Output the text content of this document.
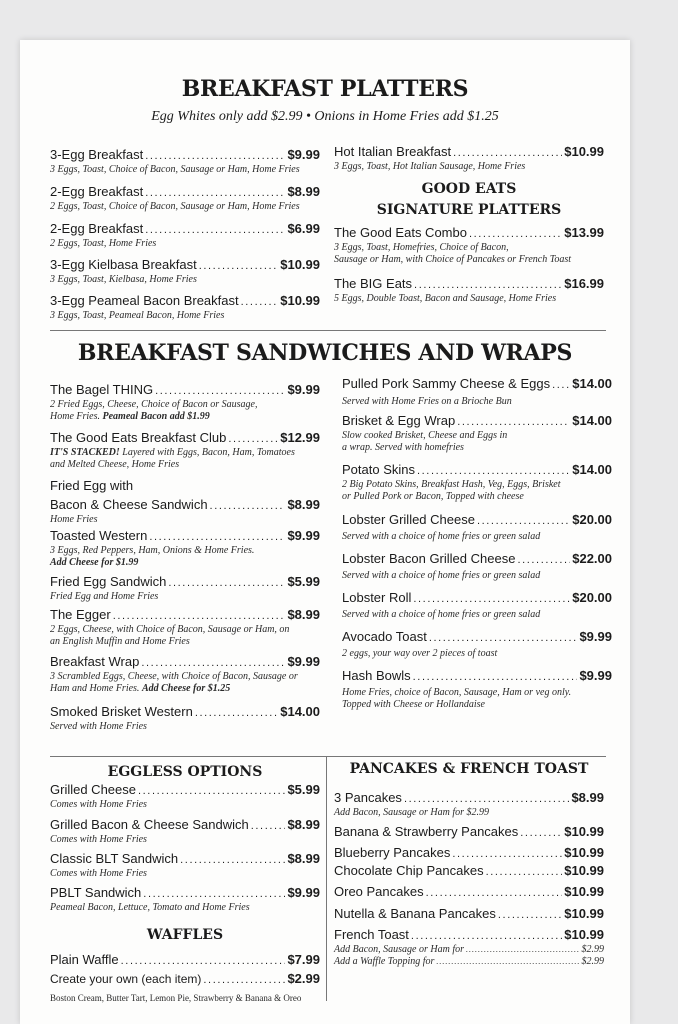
BREAKFAST PLATTERS
Egg Whites only add $2.99 • Onions in Home Fries add $1.25
3-Egg Breakfast .....	$9.99
3 Eggs, Toast, Choice of Bacon, Sausage or Ham, Home Fries
2-Egg Breakfast .....	$8.99
2 Eggs, Toast, Choice of Bacon, Sausage or Ham, Home Fries
2-Egg Breakfast .....	$6.99
2 Eggs, Toast, Home Fries
3-Egg Kielbasa Breakfast .....	$10.99
3 Eggs, Toast, Kielbasa, Home Fries
3-Egg Peameal Bacon Breakfast .....	$10.99
3 Eggs, Toast, Peameal Bacon, Home Fries
Hot Italian Breakfast .....	$10.99
3 Eggs, Toast, Hot Italian Sausage, Home Fries
GOOD EATS
SIGNATURE PLATTERS
The Good Eats Combo .....	$13.99
3 Eggs, Toast, Homefries, Choice of Bacon,
Sausage or Ham, with Choice of Pancakes or French Toast
The BIG Eats .....	$16.99
5 Eggs, Double Toast, Bacon and Sausage, Home Fries
BREAKFAST SANDWICHES AND WRAPS
The Bagel THING .....	$9.99
2 Fried Eggs, Cheese, Choice of Bacon or Sausage,
Home Fries. Peameal Bacon add $1.99
The Good Eats Breakfast Club .....	$12.99
IT'S STACKED! Layered with Eggs, Bacon, Ham, Tomatoes
and Melted Cheese, Home Fries
Fried Egg with
Bacon & Cheese Sandwich .....	$8.99
Home Fries
Toasted Western .....	$9.99
3 Eggs, Red Peppers, Ham, Onions & Home Fries.
Add Cheese for $1.99
Fried Egg Sandwich .....	$5.99
Fried Egg and Home Fries
The Egger .....	$8.99
2 Eggs, Cheese, with Choice of Bacon, Sausage or Ham, on
an English Muffin and Home Fries
Breakfast Wrap .....	$9.99
3 Scrambled Eggs, Cheese, with Choice of Bacon, Sausage or
Ham and Home Fries. Add Cheese for $1.25
Smoked Brisket Western .....	$14.00
Served with Home Fries
Pulled Pork Sammy Cheese & Eggs ..... $14.00
Served with Home Fries on a Brioche Bun
Brisket & Egg Wrap .....	$14.00
Slow cooked Brisket, Cheese and Eggs in
a wrap. Served with homefries
Potato Skins .....	$14.00
2 Big Potato Skins, Breakfast Hash, Veg, Eggs, Brisket
or Pulled Pork or Bacon, Topped with cheese
Lobster Grilled Cheese .....	$20.00
Served with a choice of home fries or green salad
Lobster Bacon Grilled Cheese .....	$22.00
Served with a choice of home fries or green salad
Lobster Roll .....	$20.00
Served with a choice of home fries or green salad
Avocado Toast .....	$9.99
2 eggs, your way over 2 pieces of toast
Hash Bowls .....	$9.99
Home Fries, choice of Bacon, Sausage, Ham or veg only.
Topped with Cheese or Hollandaise
EGGLESS OPTIONS
Grilled Cheese .....	$5.99
Comes with Home Fries
Grilled Bacon & Cheese Sandwich .....	$8.99
Comes with Home Fries
Classic BLT Sandwich .....	$8.99
Comes with Home Fries
PBLT Sandwich .....	$9.99
Peameal Bacon, Lettuce, Tomato and Home Fries
WAFFLES
Plain Waffle .....	$7.99
Create your own (each item) .....	$2.99
Boston Cream, Butter Tart, Lemon Pie, Strawberry & Banana & Oreo
PANCAKES & FRENCH TOAST
3 Pancakes .....	$8.99
Add Bacon, Sausage or Ham for $2.99
Banana & Strawberry Pancakes .....	$10.99
Blueberry Pancakes .....	$10.99
Chocolate Chip Pancakes .....	$10.99
Oreo Pancakes .....	$10.99
Nutella & Banana Pancakes .....	$10.99
French Toast .....	$10.99
Add Bacon, Sausage or Ham for .....	$2.99
Add a Waffle Topping for .....	$2.99
